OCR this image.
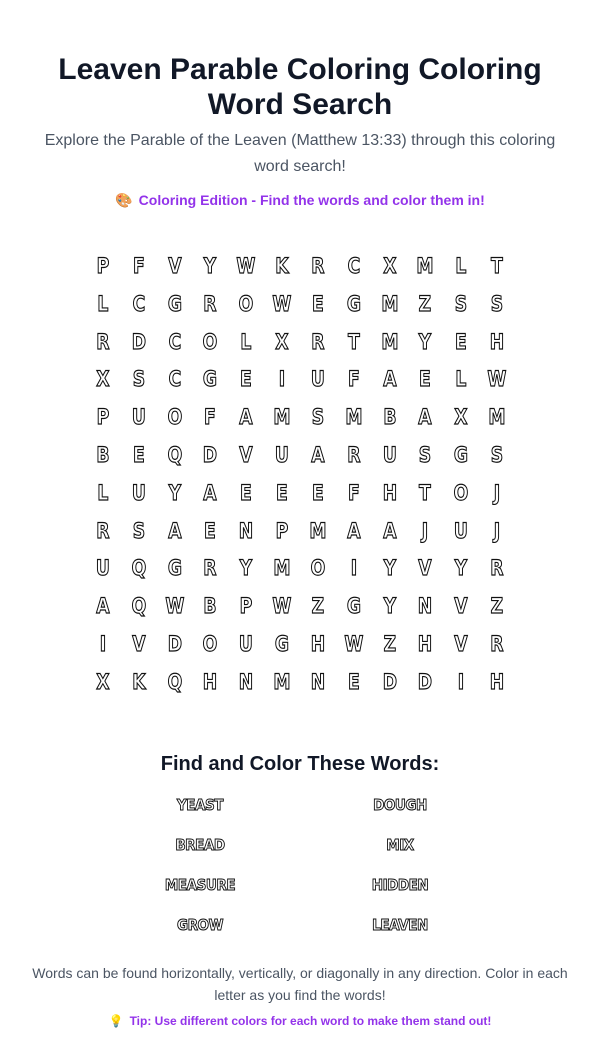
Leaven Parable Coloring Coloring Word Search

Explore the Parable of the Leaven (Matthew 13:33) through this coloring word search!

🎨 Coloring Edition - Find the words and color them in!

P	F	V	Y W K	R	C	X M	L	T
L	C	G	R	O W E	G M	Z	S	S
R	D	C	O	L	X	R	T	M	Y	E	H
X	S	C	G	E	I	U	F	A	E	L W
P	U	O	F	A M	S	M B	A	X M
B	E	Q	D	V	U	A	R	U	S	G	S
L	U	Y	A	E	E	E	F	H	T	O	J
R	S	A	E	N	P M A	A	J	U	J
U	Q	G	R	Y	M O	I	Y	V	Y	R
A	Q W B	P W Z	G	Y	N	V	Z
I	V	D	O	U	G	H W Z	H	V	R
X	K	Q	H	N M N	E	D	D	I	H
Find and Color These Words:
YEAST	DOUGH
BREAD	MIX
MEASURE	HIDDEN
GROW	LEAVEN

Words can be found horizontally, vertically, or diagonally in any direction. Color in each letter as you find the words!

💡 Tip: Use different colors for each word to make them stand out!
